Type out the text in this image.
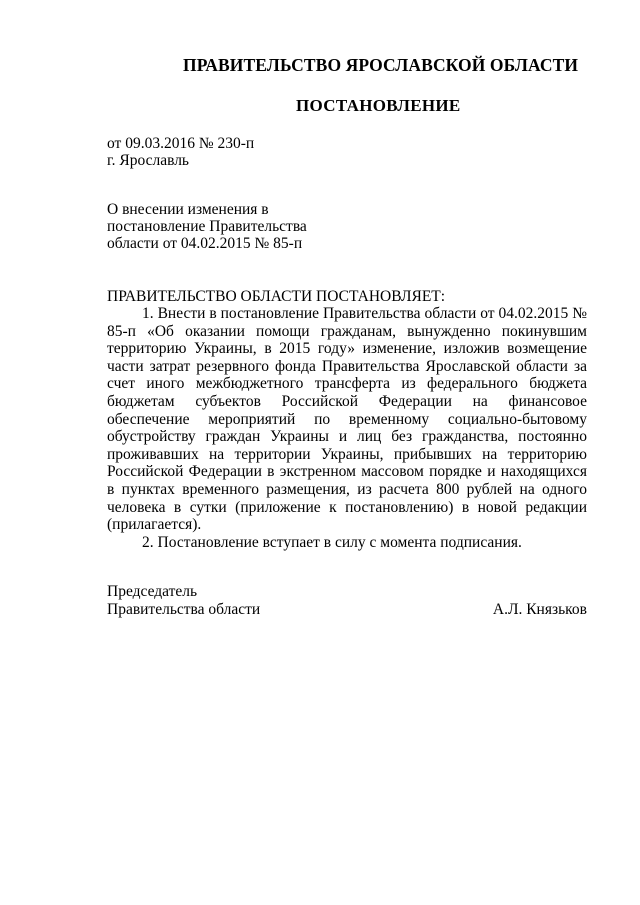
ПРАВИТЕЛЬСТВО ЯРОСЛАВСКОЙ ОБЛАСТИ
ПОСТАНОВЛЕНИЕ
от 09.03.2016 № 230-п
г. Ярославль
О внесении изменения в
постановление Правительства
области от 04.02.2015 № 85-п
ПРАВИТЕЛЬСТВО ОБЛАСТИ ПОСТАНОВЛЯЕТ:

1. Внести в постановление Правительства области от 04.02.2015 № 85-п «Об оказании помощи гражданам, вынужденно покинувшим территорию Украины, в 2015 году» изменение, изложив возмещение части затрат резервного фонда Правительства Ярославской области за счет иного межбюджетного трансферта из федерального бюджета бюджетам субъектов Российской Федерации на финансовое обеспечение мероприятий по временному социально-бытовому обустройству граждан Украины и лиц без гражданства, постоянно проживавших на территории Украины, прибывших на территорию Российской Федерации в экстренном массовом порядке и находящихся в пунктах временного размещения, из расчета 800 рублей на одного человека в сутки (приложение к постановлению) в новой редакции (прилагается).

2. Постановление вступает в силу с момента подписания.

Председатель
Правительства области	А.Л. Князьков
